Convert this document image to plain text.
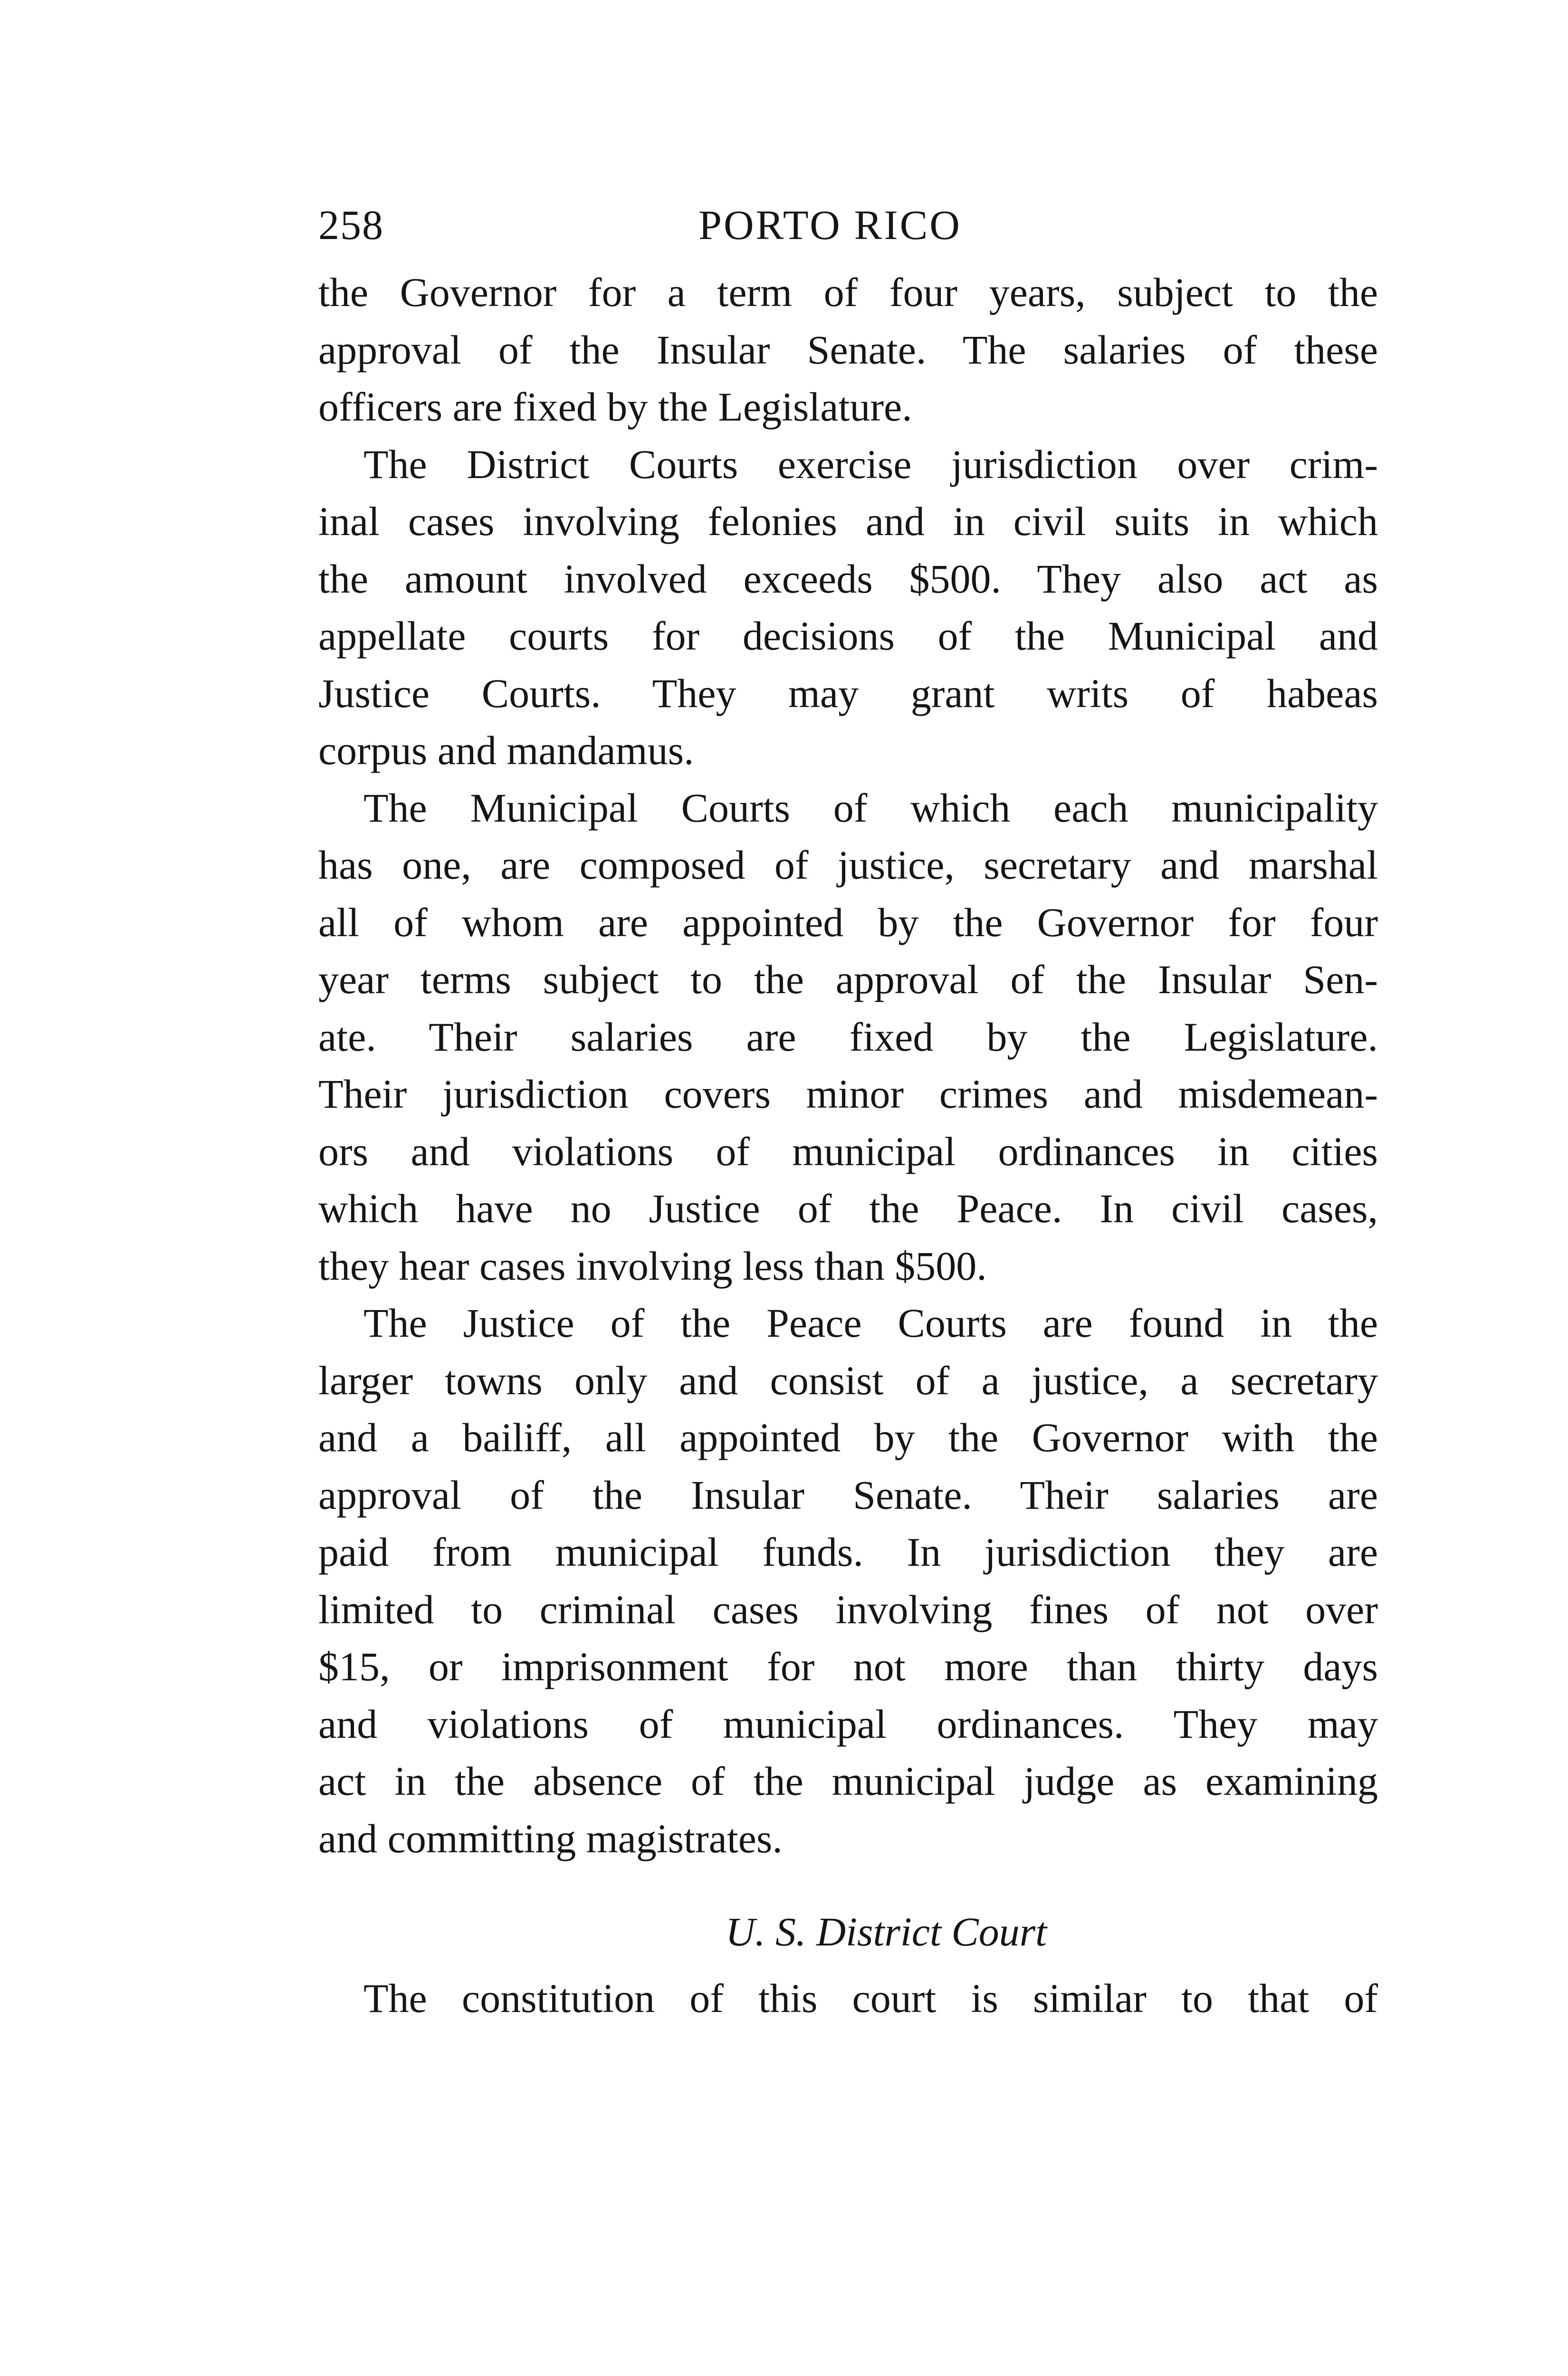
258	PORTO RICO
the Governor for a term of four years, subject to the
approval of the Insular Senate. The salaries of these
officers are fixed by the Legislature.
The District Courts exercise jurisdiction over crim-
inal cases involving felonies and in civil suits in which
the amount involved exceeds $500. They also act as
appellate courts for decisions of the Municipal and
Justice Courts. They may grant writs of habeas
corpus and mandamus.
The Municipal Courts of which each municipality
has one, are composed of justice, secretary and marshal
all of whom are appointed by the Governor for four
year terms subject to the approval of the Insular Sen-
ate. Their salaries are fixed by the Legislature.
Their jurisdiction covers minor crimes and misdemean-
ors and violations of municipal ordinances in cities
which have no Justice of the Peace. In civil cases,
they hear cases involving less than $500.
The Justice of the Peace Courts are found in the
larger towns only and consist of a justice, a secretary
and a bailiff, all appointed by the Governor with the
approval of the Insular Senate. Their salaries are
paid from municipal funds. In jurisdiction they are
limited to criminal cases involving fines of not over
$15, or imprisonment for not more than thirty days
and violations of municipal ordinances. They may
act in the absence of the municipal judge as examining
and committing magistrates.
U. S. District Court
The constitution of this court is similar to that of
